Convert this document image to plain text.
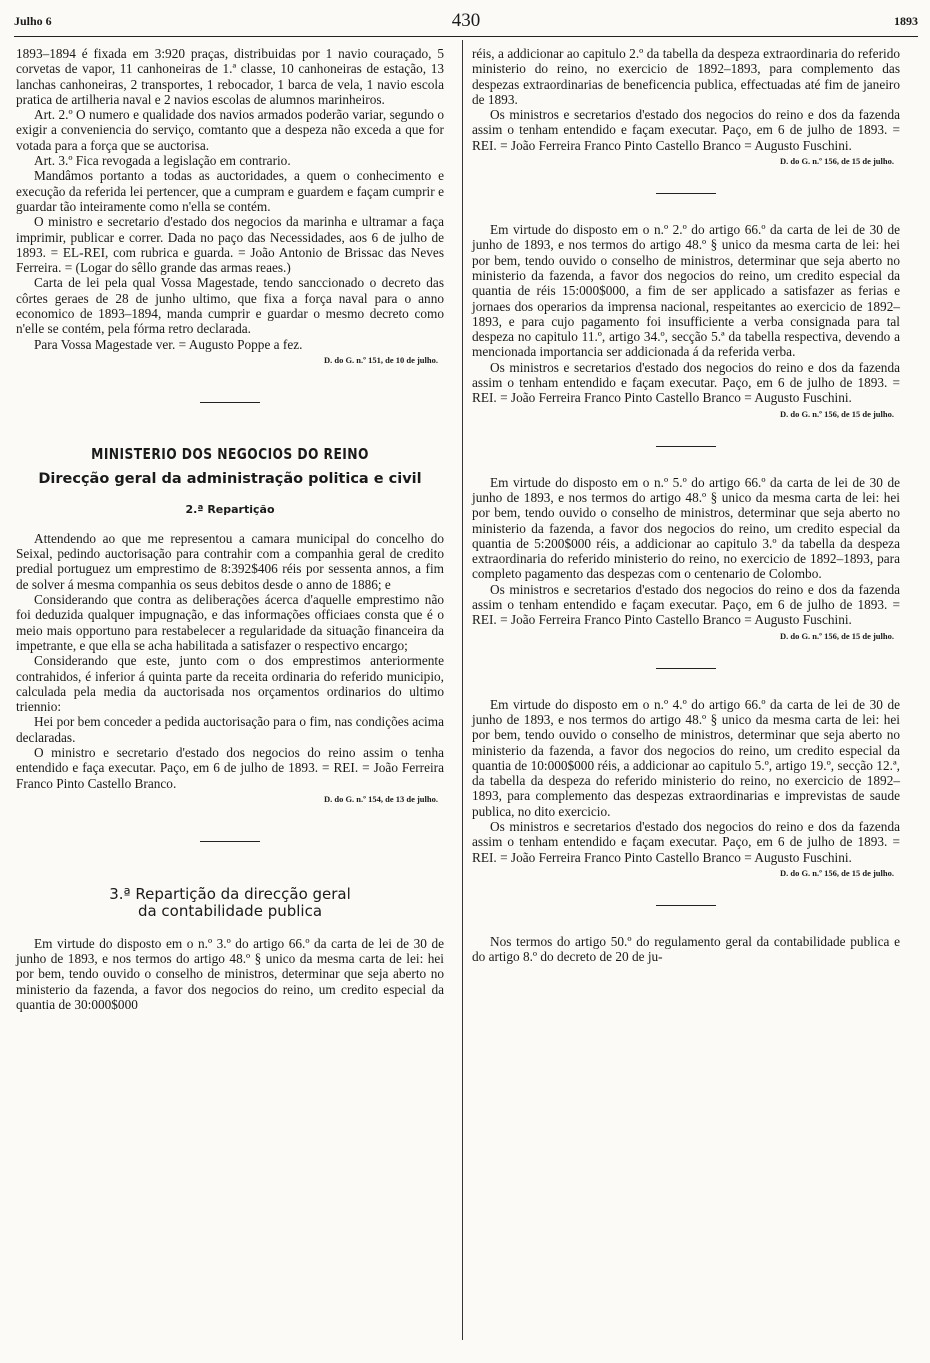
Julho 6	430	1893

1893–1894 é fixada em 3:920 praças, distribuidas por 1 navio couraçado, 5 corvetas de vapor, 11 canhoneiras de 1.ª classe, 10 canhoneiras de estação, 13 lanchas canhoneiras, 2 transportes, 1 rebocador, 1 barca de vela, 1 navio escola pratica de artilheria naval e 2 navios escolas de alumnos marinheiros.

Art. 2.º O numero e qualidade dos navios armados poderão variar, segundo o exigir a conveniencia do serviço, comtanto que a despeza não exceda a que for votada para a força que se auctorisa.

Art. 3.º Fica revogada a legislação em contrario.

Mandâmos portanto a todas as auctoridades, a quem o conhecimento e execução da referida lei pertencer, que a cumpram e guardem e façam cumprir e guardar tão inteiramente como n'ella se contém.

O ministro e secretario d'estado dos negocios da marinha e ultramar a faça imprimir, publicar e correr. Dada no paço das Necessidades, aos 6 de julho de 1893. = EL-REI, com rubrica e guarda. = João Antonio de Brissac das Neves Ferreira. = (Logar do sêllo grande das armas reaes.)

Carta de lei pela qual Vossa Magestade, tendo sanccionado o decreto das côrtes geraes de 28 de junho ultimo, que fixa a força naval para o anno economico de 1893–1894, manda cumprir e guardar o mesmo decreto como n'elle se contém, pela fórma retro declarada.

Para Vossa Magestade ver. = Augusto Poppe a fez.

D. do G. n.º 151, de 10 de julho.
MINISTERIO DOS NEGOCIOS DO REINO
Direcção geral da administração politica e civil
2.ª Repartição

Attendendo ao que me representou a camara municipal do concelho do Seixal, pedindo auctorisação para contrahir com a companhia geral de credito predial portuguez um emprestimo de 8:392$406 réis por sessenta annos, a fim de solver á mesma companhia os seus debitos desde o anno de 1886; e

Considerando que contra as deliberações ácerca d'aquelle emprestimo não foi deduzida qualquer impugnação, e das informações officiaes consta que é o meio mais opportuno para restabelecer a regularidade da situação financeira da impetrante, e que ella se acha habilitada a satisfazer o respectivo encargo;

Considerando que este, junto com o dos emprestimos anteriormente contrahidos, é inferior á quinta parte da receita ordinaria do referido municipio, calculada pela media da auctorisada nos orçamentos ordinarios do ultimo triennio:

Hei por bem conceder a pedida auctorisação para o fim, nas condições acima declaradas.

O ministro e secretario d'estado dos negocios do reino assim o tenha entendido e faça executar. Paço, em 6 de julho de 1893. = REI. = João Ferreira Franco Pinto Castello Branco.

D. do G. n.º 154, de 13 de julho.
3.ª Repartição da direcção geral
da contabilidade publica

Em virtude do disposto em o n.º 3.º do artigo 66.º da carta de lei de 30 de junho de 1893, e nos termos do artigo 48.º § unico da mesma carta de lei: hei por bem, tendo ouvido o conselho de ministros, determinar que seja aberto no ministerio da fazenda, a favor dos negocios do reino, um credito especial da quantia de 30:000$000

réis, a addicionar ao capitulo 2.º da tabella da despeza extraordinaria do referido ministerio do reino, no exercicio de 1892–1893, para complemento das despezas extraordinarias de beneficencia publica, effectuadas até fim de janeiro de 1893.

Os ministros e secretarios d'estado dos negocios do reino e dos da fazenda assim o tenham entendido e façam executar. Paço, em 6 de julho de 1893. = REI. = João Ferreira Franco Pinto Castello Branco = Augusto Fuschini.

D. do G. n.º 156, de 15 de julho.

Em virtude do disposto em o n.º 2.º do artigo 66.º da carta de lei de 30 de junho de 1893, e nos termos do artigo 48.º § unico da mesma carta de lei: hei por bem, tendo ouvido o conselho de ministros, determinar que seja aberto no ministerio da fazenda, a favor dos negocios do reino, um credito especial da quantia de réis 15:000$000, a fim de ser applicado a satisfazer as ferias e jornaes dos operarios da imprensa nacional, respeitantes ao exercicio de 1892–1893, e para cujo pagamento foi insufficiente a verba consignada para tal despeza no capitulo 11.º, artigo 34.º, secção 5.ª da tabella respectiva, devendo a mencionada importancia ser addicionada á da referida verba.

Os ministros e secretarios d'estado dos negocios do reino e dos da fazenda assim o tenham entendido e façam executar. Paço, em 6 de julho de 1893. = REI. = João Ferreira Franco Pinto Castello Branco = Augusto Fuschini.

D. do G. n.º 156, de 15 de julho.

Em virtude do disposto em o n.º 5.º do artigo 66.º da carta de lei de 30 de junho de 1893, e nos termos do artigo 48.º § unico da mesma carta de lei: hei por bem, tendo ouvido o conselho de ministros, determinar que seja aberto no ministerio da fazenda, a favor dos negocios do reino, um credito especial da quantia de 5:200$000 réis, a addicionar ao capitulo 3.º da tabella da despeza extraordinaria do referido ministerio do reino, no exercicio de 1892–1893, para completo pagamento das despezas com o centenario de Colombo.

Os ministros e secretarios d'estado dos negocios do reino e dos da fazenda assim o tenham entendido e façam executar. Paço, em 6 de julho de 1893. = REI. = João Ferreira Franco Pinto Castello Branco = Augusto Fuschini.

D. do G. n.º 156, de 15 de julho.

Em virtude do disposto em o n.º 4.º do artigo 66.º da carta de lei de 30 de junho de 1893, e nos termos do artigo 48.º § unico da mesma carta de lei: hei por bem, tendo ouvido o conselho de ministros, determinar que seja aberto no ministerio da fazenda, a favor dos negocios do reino, um credito especial da quantia de 10:000$000 réis, a addicionar ao capitulo 5.º, artigo 19.º, secção 12.ª, da tabella da despeza do referido ministerio do reino, no exercicio de 1892–1893, para complemento das despezas extraordinarias e imprevistas de saude publica, no dito exercicio.

Os ministros e secretarios d'estado dos negocios do reino e dos da fazenda assim o tenham entendido e façam executar. Paço, em 6 de julho de 1893. = REI. = João Ferreira Franco Pinto Castello Branco = Augusto Fuschini.

D. do G. n.º 156, de 15 de julho.

Nos termos do artigo 50.º do regulamento geral da contabilidade publica e do artigo 8.º do decreto de 20 de ju-
